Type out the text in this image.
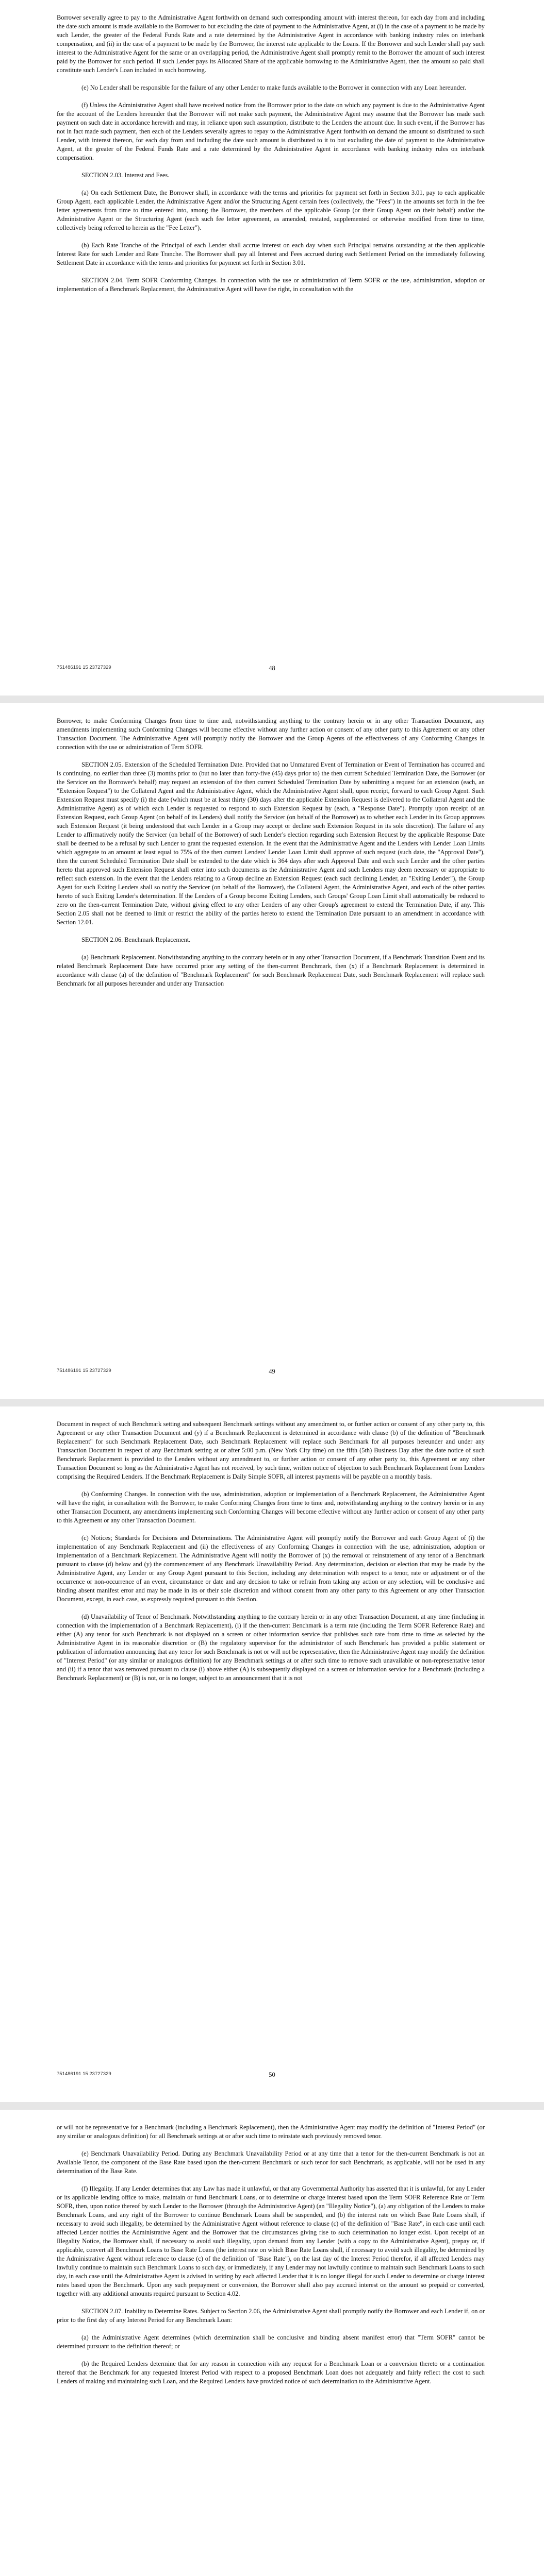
Borrower severally agree to pay to the Administrative Agent forthwith on demand such corresponding amount with interest thereon, for each day from and including the date such amount is made available to the Borrower to but excluding the date of payment to the Administrative Agent, at (i) in the case of a payment to be made by such Lender, the greater of the Federal Funds Rate and a rate determined by the Administrative Agent in accordance with banking industry rules on interbank compensation, and (ii) in the case of a payment to be made by the Borrower, the interest rate applicable to the Loans. If the Borrower and such Lender shall pay such interest to the Administrative Agent for the same or an overlapping period, the Administrative Agent shall promptly remit to the Borrower the amount of such interest paid by the Borrower for such period. If such Lender pays its Allocated Share of the applicable borrowing to the Administrative Agent, then the amount so paid shall constitute such Lender's Loan included in such borrowing.

(e) No Lender shall be responsible for the failure of any other Lender to make funds available to the Borrower in connection with any Loan hereunder.

(f) Unless the Administrative Agent shall have received notice from the Borrower prior to the date on which any payment is due to the Administrative Agent for the account of the Lenders hereunder that the Borrower will not make such payment, the Administrative Agent may assume that the Borrower has made such payment on such date in accordance herewith and may, in reliance upon such assumption, distribute to the Lenders the amount due. In such event, if the Borrower has not in fact made such payment, then each of the Lenders severally agrees to repay to the Administrative Agent forthwith on demand the amount so distributed to such Lender, with interest thereon, for each day from and including the date such amount is distributed to it to but excluding the date of payment to the Administrative Agent, at the greater of the Federal Funds Rate and a rate determined by the Administrative Agent in accordance with banking industry rules on interbank compensation.

SECTION 2.03. Interest and Fees.

(a) On each Settlement Date, the Borrower shall, in accordance with the terms and priorities for payment set forth in Section 3.01, pay to each applicable Group Agent, each applicable Lender, the Administrative Agent and/or the Structuring Agent certain fees (collectively, the "Fees") in the amounts set forth in the fee letter agreements from time to time entered into, among the Borrower, the members of the applicable Group (or their Group Agent on their behalf) and/or the Administrative Agent or the Structuring Agent (each such fee letter agreement, as amended, restated, supplemented or otherwise modified from time to time, collectively being referred to herein as the "Fee Letter").

(b) Each Rate Tranche of the Principal of each Lender shall accrue interest on each day when such Principal remains outstanding at the then applicable Interest Rate for such Lender and Rate Tranche. The Borrower shall pay all Interest and Fees accrued during each Settlement Period on the immediately following Settlement Date in accordance with the terms and priorities for payment set forth in Section 3.01.

SECTION 2.04. Term SOFR Conforming Changes. In connection with the use or administration of Term SOFR or the use, administration, adoption or implementation of a Benchmark Replacement, the Administrative Agent will have the right, in consultation with the

751486191 15 23727329	48

Borrower, to make Conforming Changes from time to time and, notwithstanding anything to the contrary herein or in any other Transaction Document, any amendments implementing such Conforming Changes will become effective without any further action or consent of any other party to this Agreement or any other Transaction Document. The Administrative Agent will promptly notify the Borrower and the Group Agents of the effectiveness of any Conforming Changes in connection with the use or administration of Term SOFR.

SECTION 2.05. Extension of the Scheduled Termination Date. Provided that no Unmatured Event of Termination or Event of Termination has occurred and is continuing, no earlier than three (3) months prior to (but no later than forty-five (45) days prior to) the then current Scheduled Termination Date, the Borrower (or the Servicer on the Borrower's behalf) may request an extension of the then current Scheduled Termination Date by submitting a request for an extension (each, an "Extension Request") to the Collateral Agent and the Administrative Agent, which the Administrative Agent shall, upon receipt, forward to each Group Agent. Such Extension Request must specify (i) the date (which must be at least thirty (30) days after the applicable Extension Request is delivered to the Collateral Agent and the Administrative Agent) as of which each Lender is requested to respond to such Extension Request by (each, a "Response Date"). Promptly upon receipt of an Extension Request, each Group Agent (on behalf of its Lenders) shall notify the Servicer (on behalf of the Borrower) as to whether each Lender in its Group approves such Extension Request (it being understood that each Lender in a Group may accept or decline such Extension Request in its sole discretion). The failure of any Lender to affirmatively notify the Servicer (on behalf of the Borrower) of such Lender's election regarding such Extension Request by the applicable Response Date shall be deemed to be a refusal by such Lender to grant the requested extension. In the event that the Administrative Agent and the Lenders with Lender Loan Limits which aggregate to an amount at least equal to 75% of the then current Lenders' Lender Loan Limit shall approve of such request (such date, the "Approval Date"), then the current Scheduled Termination Date shall be extended to the date which is 364 days after such Approval Date and each such Lender and the other parties hereto that approved such Extension Request shall enter into such documents as the Administrative Agent and such Lenders may deem necessary or appropriate to reflect such extension. In the event that the Lenders relating to a Group decline an Extension Request (each such declining Lender, an "Exiting Lender"), the Group Agent for such Exiting Lenders shall so notify the Servicer (on behalf of the Borrower), the Collateral Agent, the Administrative Agent, and each of the other parties hereto of such Exiting Lender's determination. If the Lenders of a Group become Exiting Lenders, such Groups' Group Loan Limit shall automatically be reduced to zero on the then-current Termination Date, without giving effect to any other Lenders of any other Group's agreement to extend the Termination Date, if any. This Section 2.05 shall not be deemed to limit or restrict the ability of the parties hereto to extend the Termination Date pursuant to an amendment in accordance with Section 12.01.

SECTION 2.06. Benchmark Replacement.

(a) Benchmark Replacement. Notwithstanding anything to the contrary herein or in any other Transaction Document, if a Benchmark Transition Event and its related Benchmark Replacement Date have occurred prior any setting of the then-current Benchmark, then (x) if a Benchmark Replacement is determined in accordance with clause (a) of the definition of "Benchmark Replacement" for such Benchmark Replacement Date, such Benchmark Replacement will replace such Benchmark for all purposes hereunder and under any Transaction

751486191 15 23727329	49

Document in respect of such Benchmark setting and subsequent Benchmark settings without any amendment to, or further action or consent of any other party to, this Agreement or any other Transaction Document and (y) if a Benchmark Replacement is determined in accordance with clause (b) of the definition of "Benchmark Replacement" for such Benchmark Replacement Date, such Benchmark Replacement will replace such Benchmark for all purposes hereunder and under any Transaction Document in respect of any Benchmark setting at or after 5:00 p.m. (New York City time) on the fifth (5th) Business Day after the date notice of such Benchmark Replacement is provided to the Lenders without any amendment to, or further action or consent of any other party to, this Agreement or any other Transaction Document so long as the Administrative Agent has not received, by such time, written notice of objection to such Benchmark Replacement from Lenders comprising the Required Lenders. If the Benchmark Replacement is Daily Simple SOFR, all interest payments will be payable on a monthly basis.

(b) Conforming Changes. In connection with the use, administration, adoption or implementation of a Benchmark Replacement, the Administrative Agent will have the right, in consultation with the Borrower, to make Conforming Changes from time to time and, notwithstanding anything to the contrary herein or in any other Transaction Document, any amendments implementing such Conforming Changes will become effective without any further action or consent of any other party to this Agreement or any other Transaction Document.

(c) Notices; Standards for Decisions and Determinations. The Administrative Agent will promptly notify the Borrower and each Group Agent of (i) the implementation of any Benchmark Replacement and (ii) the effectiveness of any Conforming Changes in connection with the use, administration, adoption or implementation of a Benchmark Replacement. The Administrative Agent will notify the Borrower of (x) the removal or reinstatement of any tenor of a Benchmark pursuant to clause (d) below and (y) the commencement of any Benchmark Unavailability Period. Any determination, decision or election that may be made by the Administrative Agent, any Lender or any Group Agent pursuant to this Section, including any determination with respect to a tenor, rate or adjustment or of the occurrence or non-occurrence of an event, circumstance or date and any decision to take or refrain from taking any action or any selection, will be conclusive and binding absent manifest error and may be made in its or their sole discretion and without consent from any other party to this Agreement or any other Transaction Document, except, in each case, as expressly required pursuant to this Section.

(d) Unavailability of Tenor of Benchmark. Notwithstanding anything to the contrary herein or in any other Transaction Document, at any time (including in connection with the implementation of a Benchmark Replacement), (i) if the then-current Benchmark is a term rate (including the Term SOFR Reference Rate) and either (A) any tenor for such Benchmark is not displayed on a screen or other information service that publishes such rate from time to time as selected by the Administrative Agent in its reasonable discretion or (B) the regulatory supervisor for the administrator of such Benchmark has provided a public statement or publication of information announcing that any tenor for such Benchmark is not or will not be representative, then the Administrative Agent may modify the definition of "Interest Period" (or any similar or analogous definition) for any Benchmark settings at or after such time to remove such unavailable or non-representative tenor and (ii) if a tenor that was removed pursuant to clause (i) above either (A) is subsequently displayed on a screen or information service for a Benchmark (including a Benchmark Replacement) or (B) is not, or is no longer, subject to an announcement that it is not

751486191 15 23727329	50

or will not be representative for a Benchmark (including a Benchmark Replacement), then the Administrative Agent may modify the definition of "Interest Period" (or any similar or analogous definition) for all Benchmark settings at or after such time to reinstate such previously removed tenor.

(e) Benchmark Unavailability Period. During any Benchmark Unavailability Period or at any time that a tenor for the then-current Benchmark is not an Available Tenor, the component of the Base Rate based upon the then-current Benchmark or such tenor for such Benchmark, as applicable, will not be used in any determination of the Base Rate.

(f) Illegality. If any Lender determines that any Law has made it unlawful, or that any Governmental Authority has asserted that it is unlawful, for any Lender or its applicable lending office to make, maintain or fund Benchmark Loans, or to determine or charge interest based upon the Term SOFR Reference Rate or Term SOFR, then, upon notice thereof by such Lender to the Borrower (through the Administrative Agent) (an "Illegality Notice"), (a) any obligation of the Lenders to make Benchmark Loans, and any right of the Borrower to continue Benchmark Loans shall be suspended, and (b) the interest rate on which Base Rate Loans shall, if necessary to avoid such illegality, be determined by the Administrative Agent without reference to clause (c) of the definition of "Base Rate", in each case until each affected Lender notifies the Administrative Agent and the Borrower that the circumstances giving rise to such determination no longer exist. Upon receipt of an Illegality Notice, the Borrower shall, if necessary to avoid such illegality, upon demand from any Lender (with a copy to the Administrative Agent), prepay or, if applicable, convert all Benchmark Loans to Base Rate Loans (the interest rate on which Base Rate Loans shall, if necessary to avoid such illegality, be determined by the Administrative Agent without reference to clause (c) of the definition of "Base Rate"), on the last day of the Interest Period therefor, if all affected Lenders may lawfully continue to maintain such Benchmark Loans to such day, or immediately, if any Lender may not lawfully continue to maintain such Benchmark Loans to such day, in each case until the Administrative Agent is advised in writing by each affected Lender that it is no longer illegal for such Lender to determine or charge interest rates based upon the Benchmark. Upon any such prepayment or conversion, the Borrower shall also pay accrued interest on the amount so prepaid or converted, together with any additional amounts required pursuant to Section 4.02.

SECTION 2.07. Inability to Determine Rates. Subject to Section 2.06, the Administrative Agent shall promptly notify the Borrower and each Lender if, on or prior to the first day of any Interest Period for any Benchmark Loan:

(a) the Administrative Agent determines (which determination shall be conclusive and binding absent manifest error) that "Term SOFR" cannot be determined pursuant to the definition thereof; or

(b) the Required Lenders determine that for any reason in connection with any request for a Benchmark Loan or a conversion thereto or a continuation thereof that the Benchmark for any requested Interest Period with respect to a proposed Benchmark Loan does not adequately and fairly reflect the cost to such Lenders of making and maintaining such Loan, and the Required Lenders have provided notice of such determination to the Administrative Agent.
